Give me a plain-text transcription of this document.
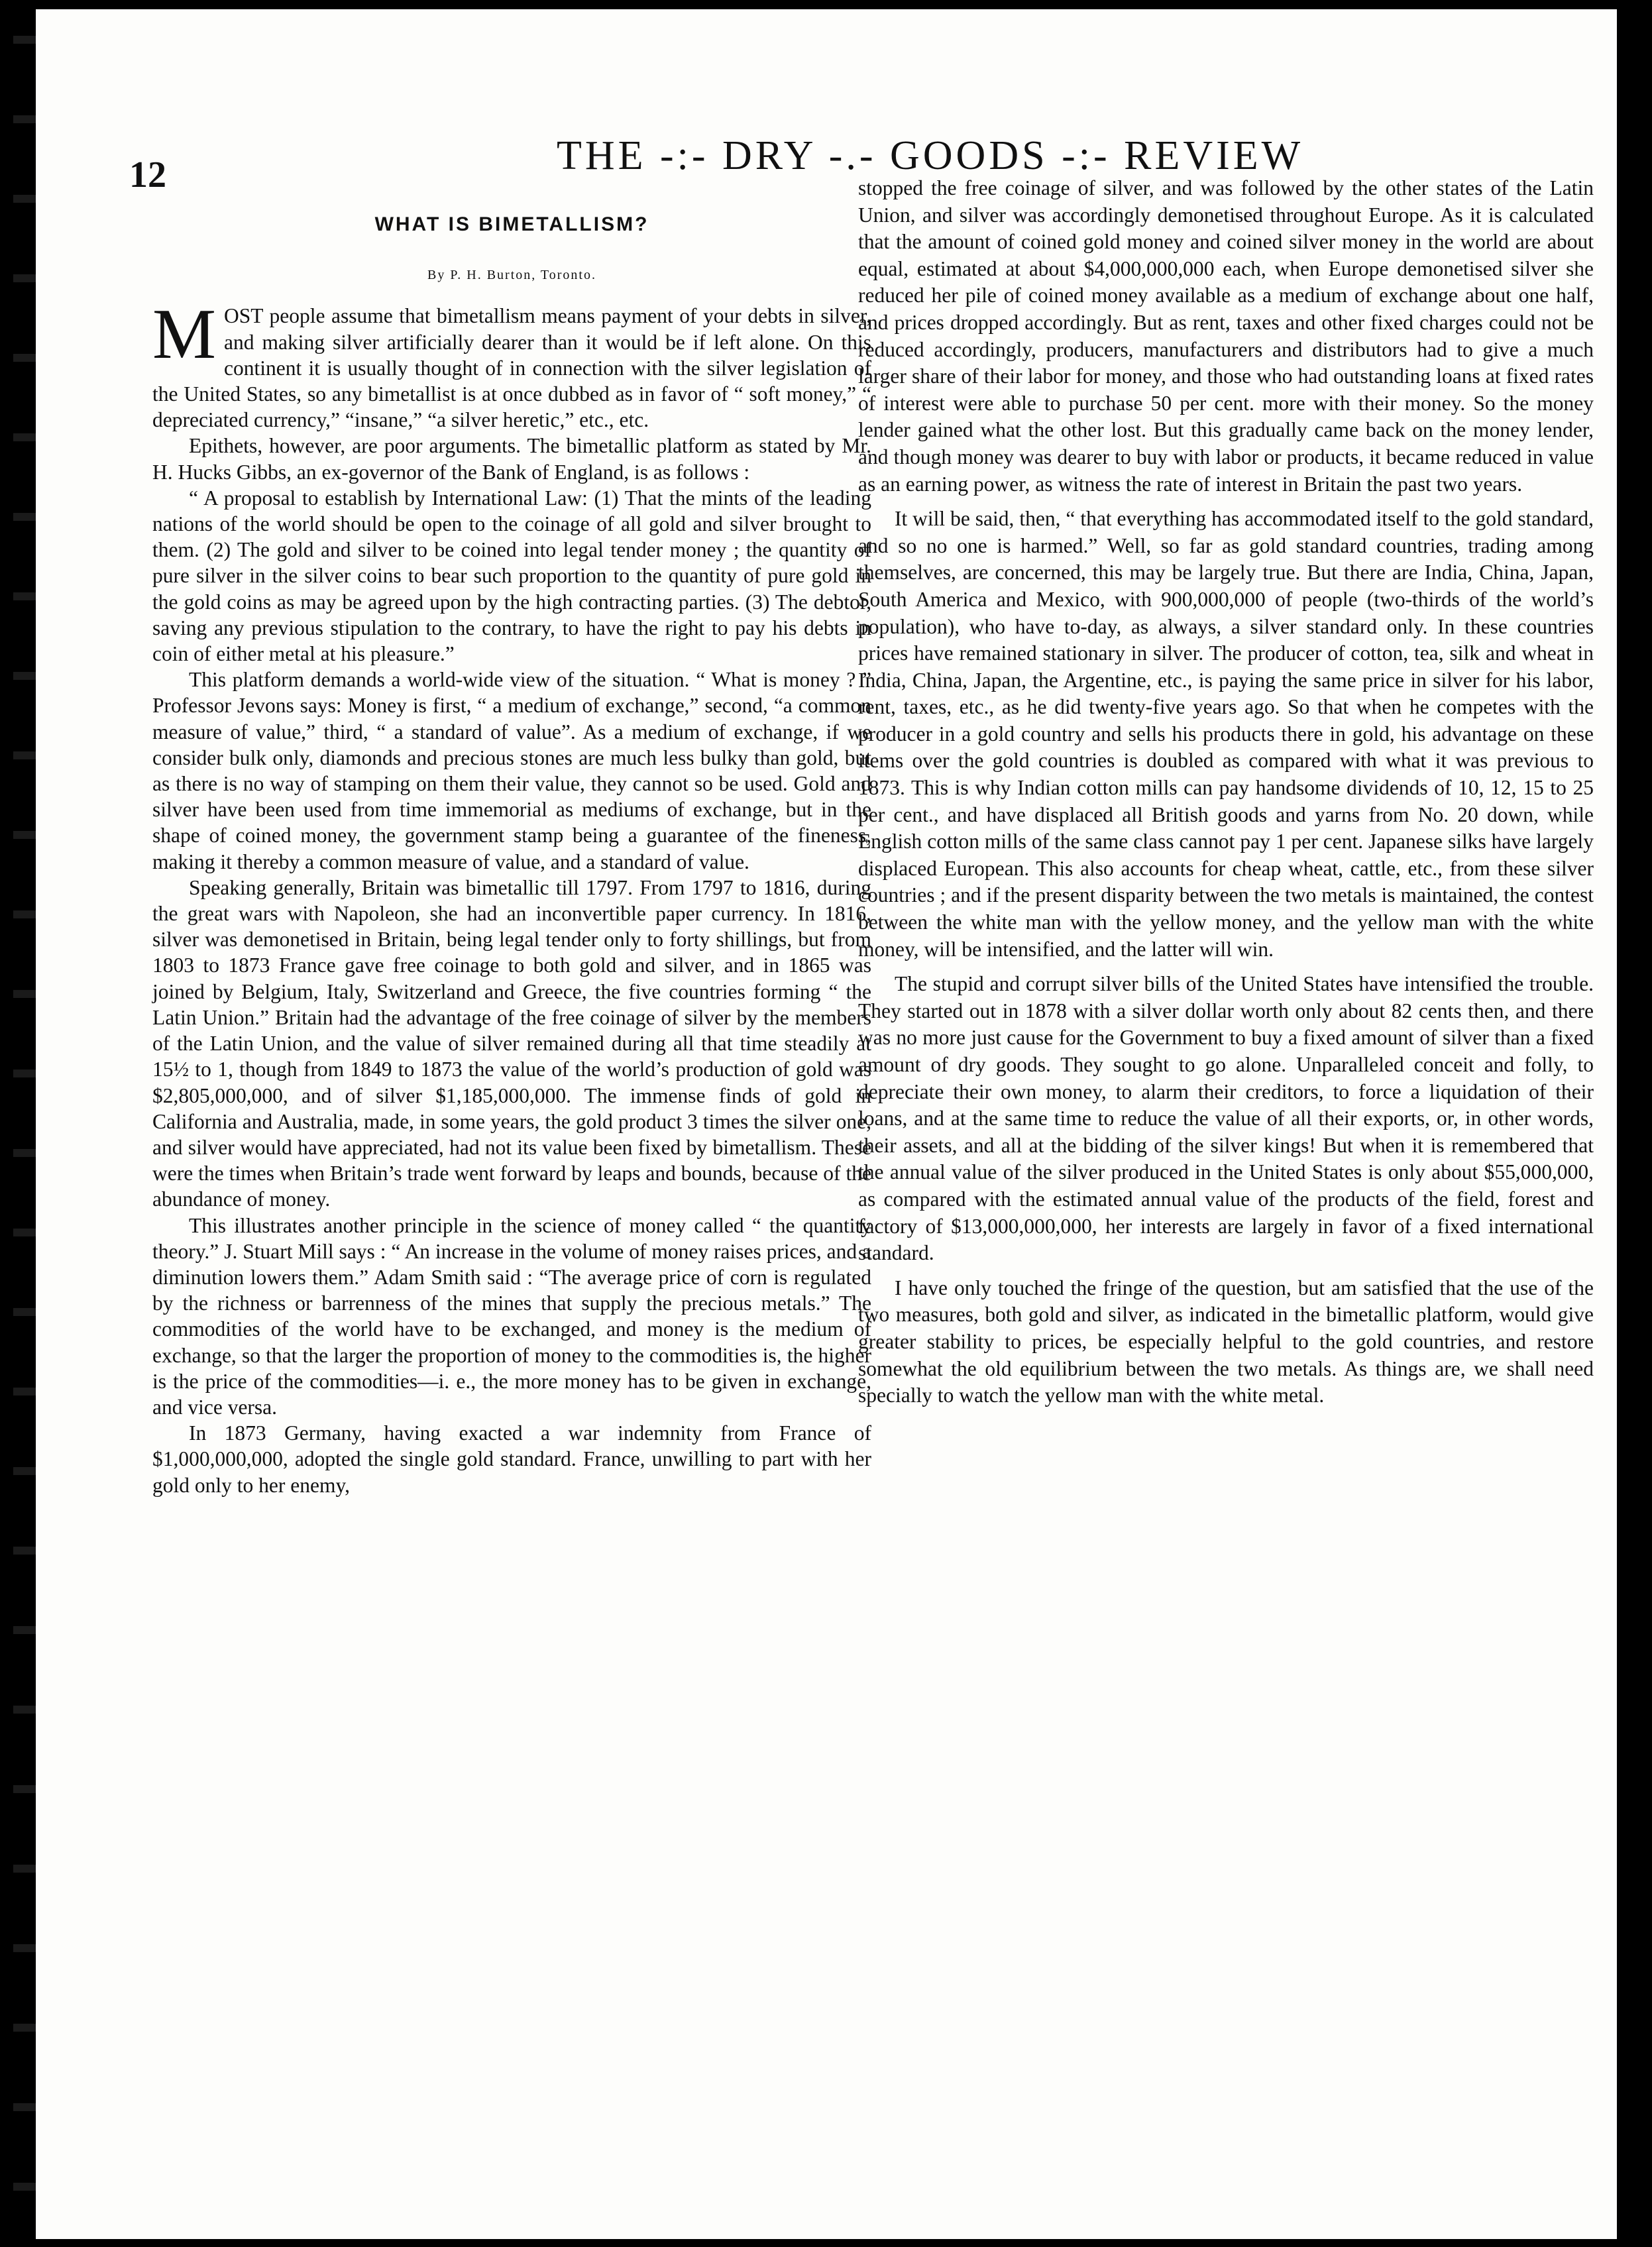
12	THE -:- DRY -.- GOODS -:- REVIEW
WHAT IS BIMETALLISM?
By P. H. Burton, Toronto.

MOST people assume that bimetallism means payment of your debts in silver, and making silver artificially dearer than it would be if left alone. On this continent it is usually thought of in connection with the silver legislation of the United States, so any bimetallist is at once dubbed as in favor of “ soft money,” “ depreciated currency,” “insane,” “a silver heretic,” etc., etc.

Epithets, however, are poor arguments. The bimetallic platform as stated by Mr. H. Hucks Gibbs, an ex-governor of the Bank of England, is as follows :

“ A proposal to establish by International Law: (1) That the mints of the leading nations of the world should be open to the coinage of all gold and silver brought to them. (2) The gold and silver to be coined into legal tender money ; the quantity of pure silver in the silver coins to bear such proportion to the quantity of pure gold in the gold coins as may be agreed upon by the high contracting parties. (3) The debtor, saving any previous stipulation to the contrary, to have the right to pay his debts in coin of either metal at his pleasure.”

This platform demands a world-wide view of the situation. “ What is money ? ” Professor Jevons says: Money is first, “ a medium of exchange,” second, “a common measure of value,” third, “ a standard of value”. As a medium of exchange, if we consider bulk only, diamonds and precious stones are much less bulky than gold, but as there is no way of stamping on them their value, they cannot so be used. Gold and silver have been used from time immemorial as mediums of exchange, but in the shape of coined money, the government stamp being a guarantee of the fineness, making it thereby a common measure of value, and a standard of value.

Speaking generally, Britain was bimetallic till 1797. From 1797 to 1816, during the great wars with Napoleon, she had an inconvertible paper currency. In 1816, silver was demonetised in Britain, being legal tender only to forty shillings, but from 1803 to 1873 France gave free coinage to both gold and silver, and in 1865 was joined by Belgium, Italy, Switzerland and Greece, the five countries forming “ the Latin Union.” Britain had the advantage of the free coinage of silver by the members of the Latin Union, and the value of silver remained during all that time steadily at 15½ to 1, though from 1849 to 1873 the value of the world’s production of gold was $2,805,000,000, and of silver $1,185,000,000. The immense finds of gold in California and Australia, made, in some years, the gold product 3 times the silver one, and silver would have appreciated, had not its value been fixed by bimetallism. These were the times when Britain’s trade went forward by leaps and bounds, because of the abundance of money.

This illustrates another principle in the science of money called “ the quantity theory.” J. Stuart Mill says : “ An increase in the volume of money raises prices, and a diminution lowers them.” Adam Smith said : “The average price of corn is regulated by the richness or barrenness of the mines that supply the precious metals.” The commodities of the world have to be exchanged, and money is the medium of exchange, so that the larger the proportion of money to the commodities is, the higher is the price of the commodities—i. e., the more money has to be given in exchange, and vice versa.

In 1873 Germany, having exacted a war indemnity from France of $1,000,000,000, adopted the single gold standard. France, unwilling to part with her gold only to her enemy,

stopped the free coinage of silver, and was followed by the other states of the Latin Union, and silver was accordingly demonetised throughout Europe. As it is calculated that the amount of coined gold money and coined silver money in the world are about equal, estimated at about $4,000,000,000 each, when Europe demonetised silver she reduced her pile of coined money available as a medium of exchange about one half, and prices dropped accordingly. But as rent, taxes and other fixed charges could not be reduced accordingly, producers, manufacturers and distributors had to give a much larger share of their labor for money, and those who had outstanding loans at fixed rates of interest were able to purchase 50 per cent. more with their money. So the money lender gained what the other lost. But this gradually came back on the money lender, and though money was dearer to buy with labor or products, it became reduced in value as an earning power, as witness the rate of interest in Britain the past two years.

It will be said, then, “ that everything has accommodated itself to the gold standard, and so no one is harmed.” Well, so far as gold standard countries, trading among themselves, are concerned, this may be largely true. But there are India, China, Japan, South America and Mexico, with 900,000,000 of people (two-thirds of the world’s population), who have to-day, as always, a silver standard only. In these countries prices have remained stationary in silver. The producer of cotton, tea, silk and wheat in India, China, Japan, the Argentine, etc., is paying the same price in silver for his labor, rent, taxes, etc., as he did twenty-five years ago. So that when he competes with the producer in a gold country and sells his products there in gold, his advantage on these items over the gold countries is doubled as compared with what it was previous to 1873. This is why Indian cotton mills can pay handsome dividends of 10, 12, 15 to 25 per cent., and have displaced all British goods and yarns from No. 20 down, while English cotton mills of the same class cannot pay 1 per cent. Japanese silks have largely displaced European. This also accounts for cheap wheat, cattle, etc., from these silver countries ; and if the present disparity between the two metals is maintained, the contest between the white man with the yellow money, and the yellow man with the white money, will be intensified, and the latter will win.

The stupid and corrupt silver bills of the United States have intensified the trouble. They started out in 1878 with a silver dollar worth only about 82 cents then, and there was no more just cause for the Government to buy a fixed amount of silver than a fixed amount of dry goods. They sought to go alone. Unparalleled conceit and folly, to depreciate their own money, to alarm their creditors, to force a liquidation of their loans, and at the same time to reduce the value of all their exports, or, in other words, their assets, and all at the bidding of the silver kings! But when it is remembered that the annual value of the silver produced in the United States is only about $55,000,000, as compared with the estimated annual value of the products of the field, forest and factory of $13,000,000,000, her interests are largely in favor of a fixed international standard.

I have only touched the fringe of the question, but am satisfied that the use of the two measures, both gold and silver, as indicated in the bimetallic platform, would give greater stability to prices, be especially helpful to the gold countries, and restore somewhat the old equilibrium between the two metals. As things are, we shall need specially to watch the yellow man with the white metal.
